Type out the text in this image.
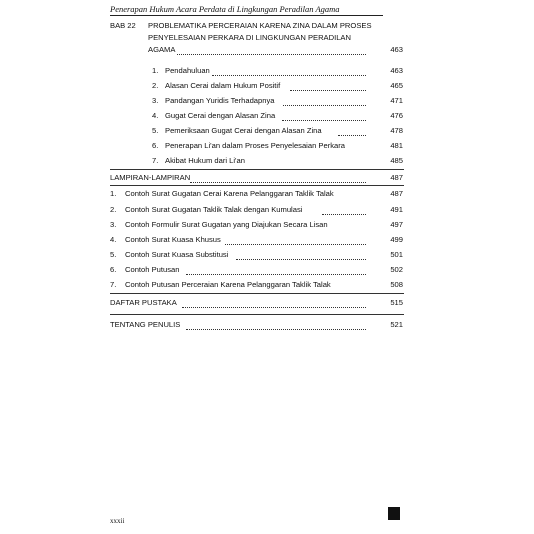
Penerapan Hukum Acara Perdata di Lingkungan Peradilan Agama
BAB 22 PROBLEMATIKA PERCERAIAN KARENA ZINA DALAM PROSES
PENYELESAIAN PERKARA DI LINGKUNGAN PERADILAN
AGAMA	463
1. Pendahuluan	463
2. Alasan Cerai dalam Hukum Positif	465
3. Pandangan Yuridis Terhadapnya	471
4. Gugat Cerai dengan Alasan Zina	476
5. Pemeriksaan Gugat Cerai dengan Alasan Zina	478
6. Penerapan Li'an dalam Proses Penyelesaian Perkara	481
7. Akibat Hukum dari Li'an	485
LAMPIRAN-LAMPIRAN	487
1. Contoh Surat Gugatan Cerai Karena Pelanggaran Taklik Talak	487
2. Contoh Surat Gugatan Taklik Talak dengan Kumulasi	491
3. Contoh Formulir Surat Gugatan yang Diajukan Secara Lisan	497
4. Contoh Surat Kuasa Khusus	499
5. Contoh Surat Kuasa Substitusi	501
6. Contoh Putusan	502
7. Contoh Putusan Perceraian Karena Pelanggaran Taklik Talak	508
DAFTAR PUSTAKA	515
TENTANG PENULIS	521
xxxii
